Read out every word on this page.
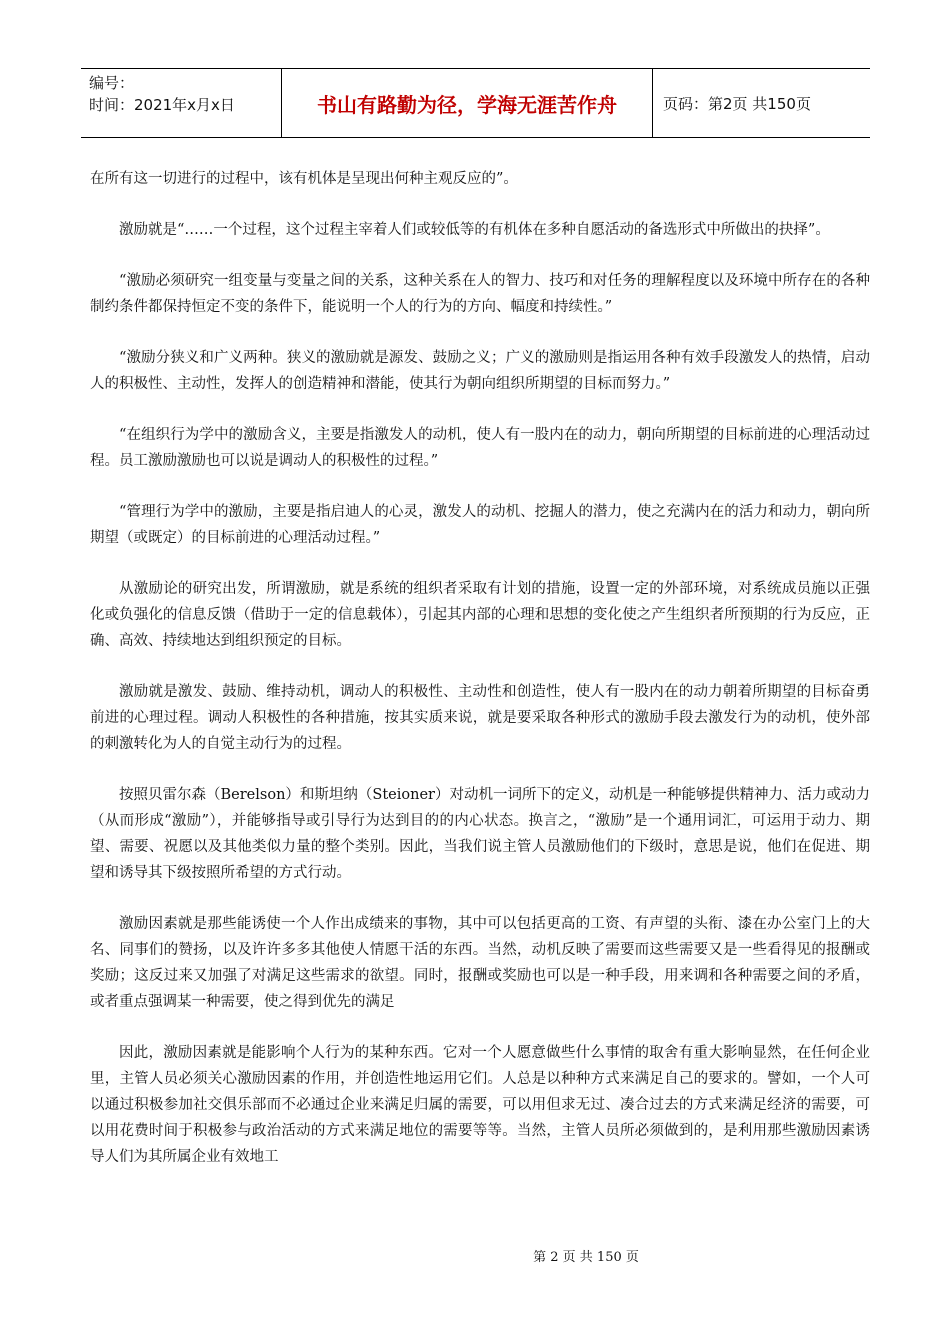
编号：
时间：2021年x月x日	书山有路勤为径，学海无涯苦作舟	页码：第2页 共150页

在所有这一切进行的过程中，该有机体是呈现出何种主观反应的”。

激励就是“……一个过程，这个过程主宰着人们或较低等的有机体在多种自愿活动的备选形式中所做出的抉择”。

“激励必须研究一组变量与变量之间的关系，这种关系在人的智力、技巧和对任务的理解程度以及环境中所存在的各种制约条件都保持恒定不变的条件下，能说明一个人的行为的方向、幅度和持续性。”

“激励分狭义和广义两种。狭义的激励就是源发、鼓励之义；广义的激励则是指运用各种有效手段激发人的热情，启动人的积极性、主动性，发挥人的创造精神和潜能，使其行为朝向组织所期望的目标而努力。”

“在组织行为学中的激励含义，主要是指激发人的动机，使人有一股内在的动力，朝向所期望的目标前进的心理活动过程。员工激励激励也可以说是调动人的积极性的过程。”

“管理行为学中的激励，主要是指启迪人的心灵，激发人的动机、挖掘人的潜力，使之充满内在的活力和动力，朝向所期望（或既定）的目标前进的心理活动过程。”

从激励论的研究出发，所谓激励，就是系统的组织者采取有计划的措施，设置一定的外部环境，对系统成员施以正强化或负强化的信息反馈（借助于一定的信息载体），引起其内部的心理和思想的变化使之产生组织者所预期的行为反应，正确、高效、持续地达到组织预定的目标。

激励就是激发、鼓励、维持动机，调动人的积极性、主动性和创造性，使人有一股内在的动力朝着所期望的目标奋勇前进的心理过程。调动人积极性的各种措施，按其实质来说，就是要采取各种形式的激励手段去激发行为的动机，使外部的刺激转化为人的自觉主动行为的过程。

按照贝雷尔森（Berelson）和斯坦纳（Steioner）对动机一词所下的定义，动机是一种能够提供精神力、活力或动力（从而形成“激励”），并能够指导或引导行为达到目的的内心状态。换言之，“激励”是一个通用词汇，可运用于动力、期望、需要、祝愿以及其他类似力量的整个类别。因此，当我们说主管人员激励他们的下级时，意思是说，他们在促进、期望和诱导其下级按照所希望的方式行动。

激励因素就是那些能诱使一个人作出成绩来的事物，其中可以包括更高的工资、有声望的头衔、漆在办公室门上的大名、同事们的赞扬，以及许许多多其他使人情愿干活的东西。当然，动机反映了需要而这些需要又是一些看得见的报酬或奖励；这反过来又加强了对满足这些需求的欲望。同时，报酬或奖励也可以是一种手段，用来调和各种需要之间的矛盾，或者重点强调某一种需要，使之得到优先的满足

因此，激励因素就是能影响个人行为的某种东西。它对一个人愿意做些什么事情的取舍有重大影响显然，在任何企业里，主管人员必须关心激励因素的作用，并创造性地运用它们。人总是以种种方式来满足自己的要求的。譬如，一个人可以通过积极参加社交俱乐部而不必通过企业来满足归属的需要，可以用但求无过、凑合过去的方式来满足经济的需要，可以用花费时间于积极参与政治活动的方式来满足地位的需要等等。当然，主管人员所必须做到的，是利用那些激励因素诱导人们为其所属企业有效地工

第 2 页 共 150 页
